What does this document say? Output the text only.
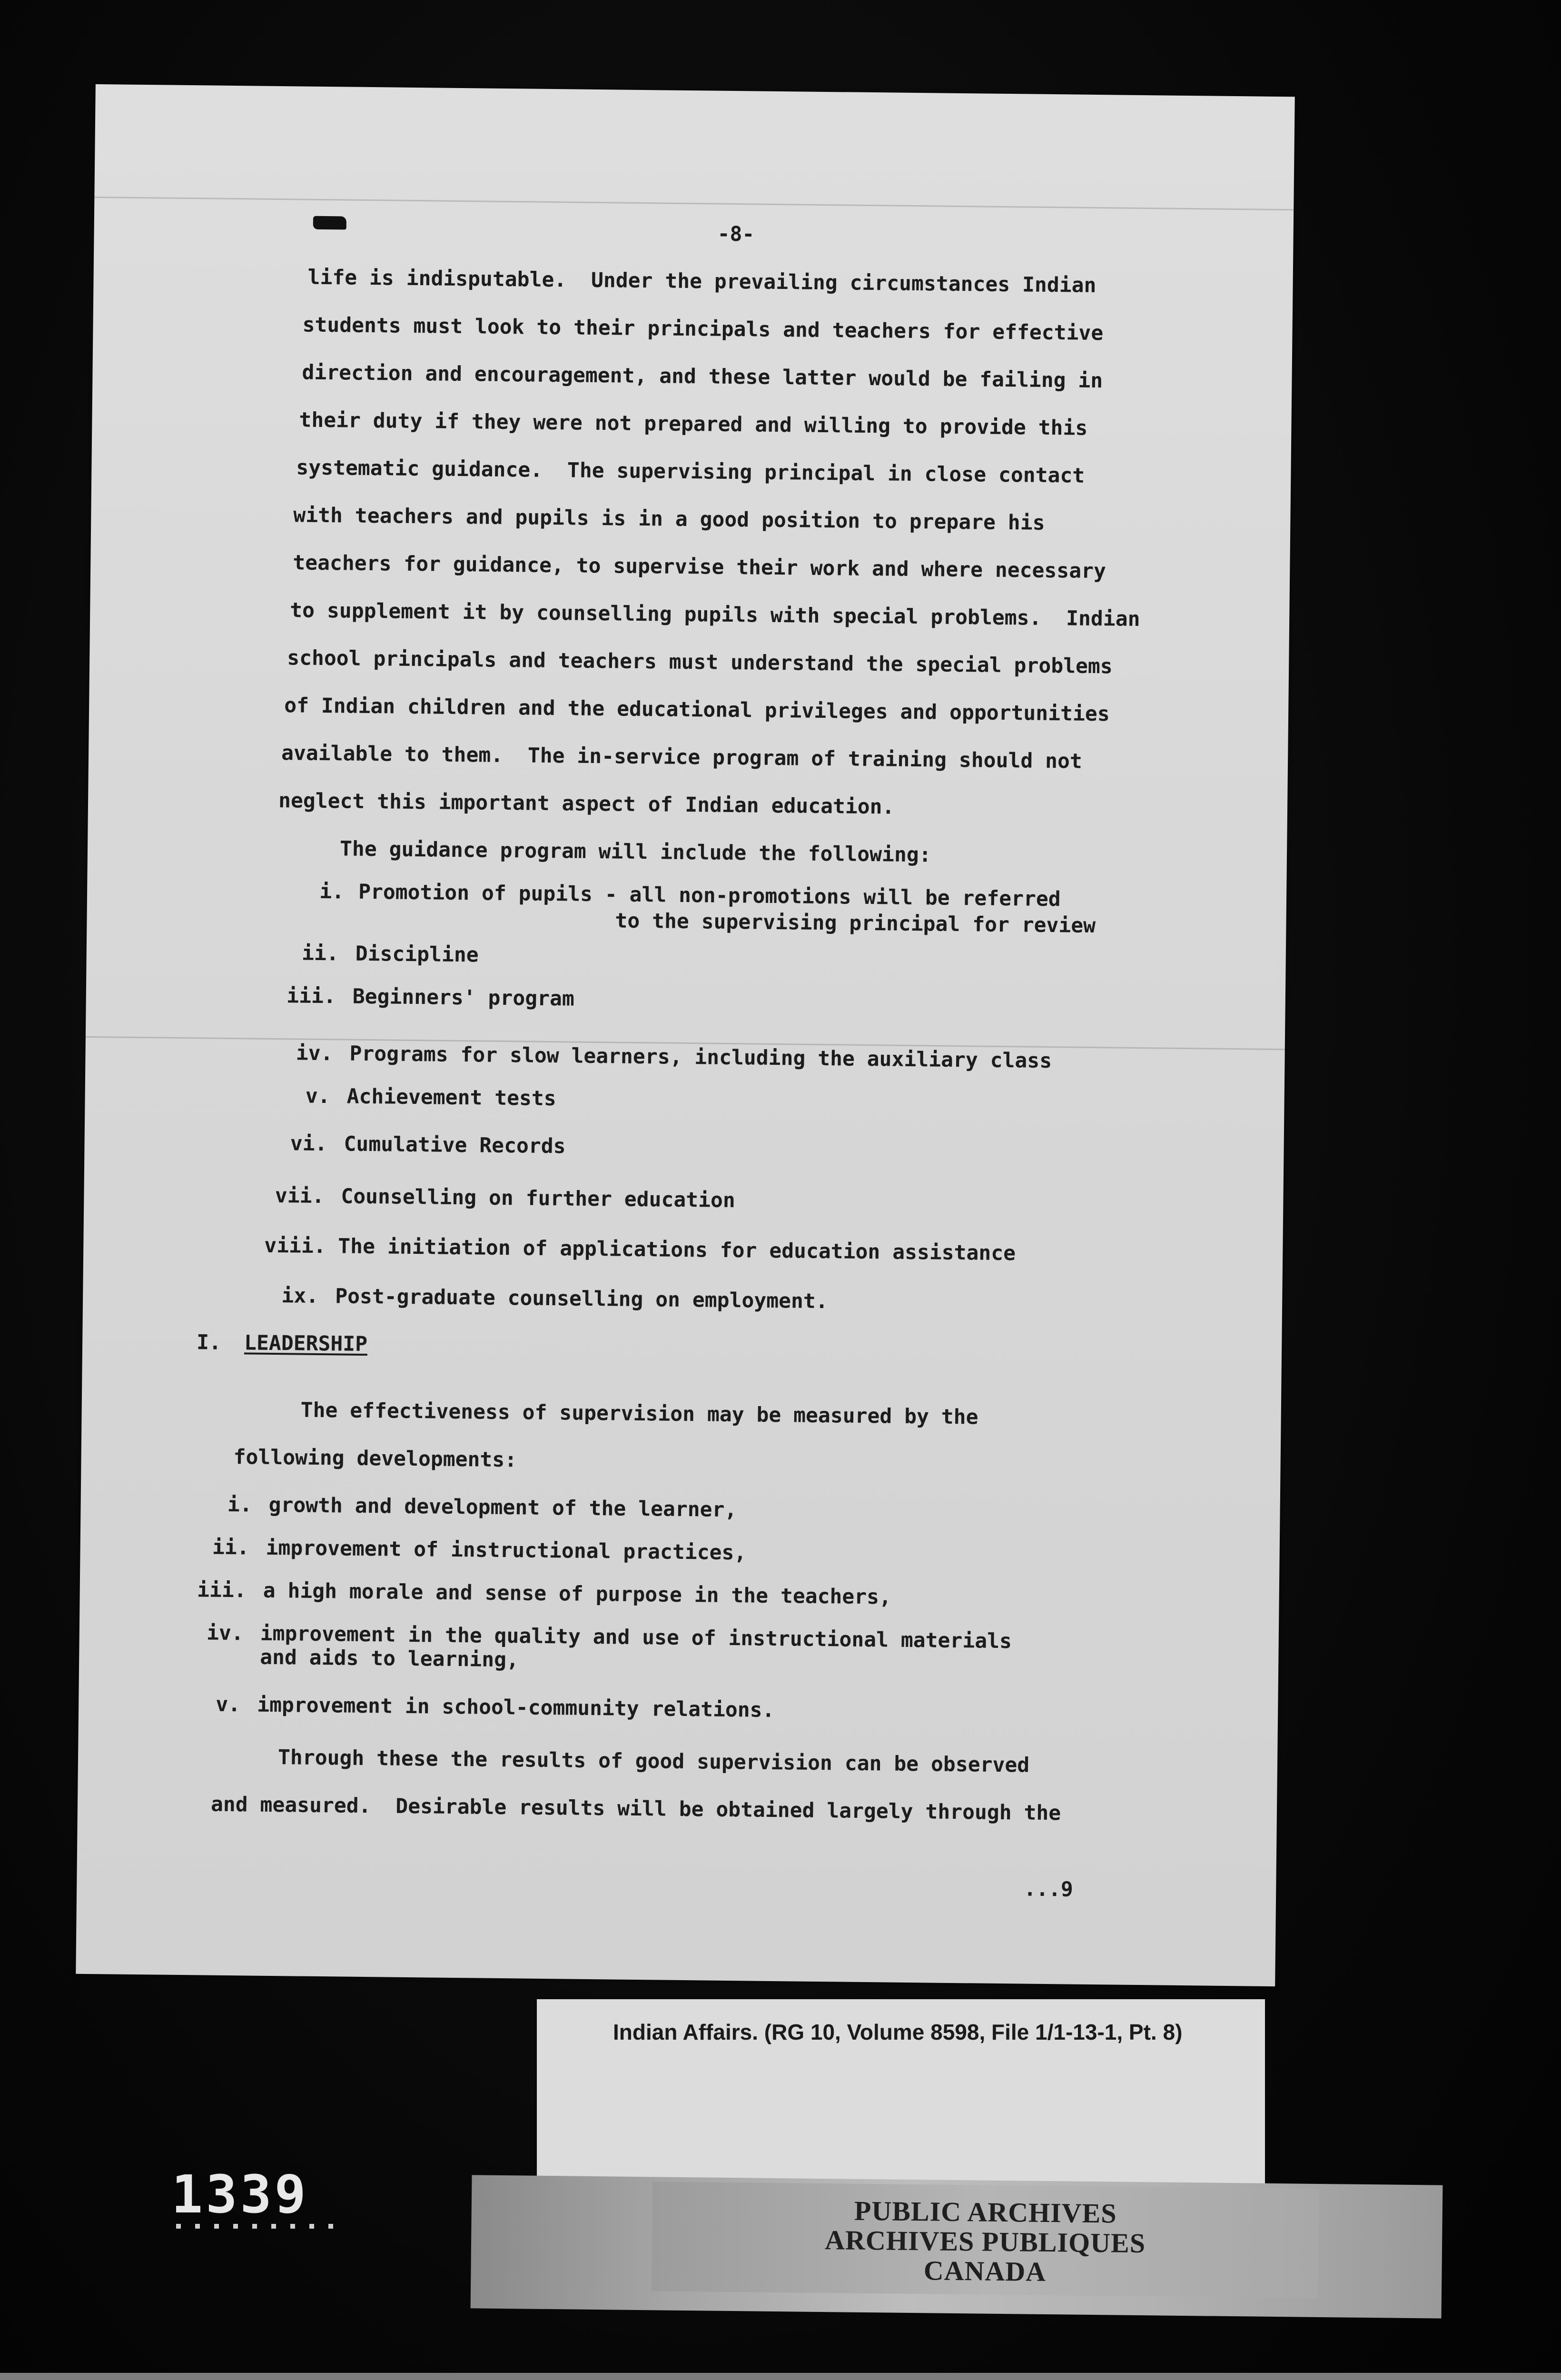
-8-
life is indisputable.  Under the prevailing circumstances Indian
students must look to their principals and teachers for effective
direction and encouragement, and these latter would be failing in
their duty if they were not prepared and willing to provide this
systematic guidance.  The supervising principal in close contact
with teachers and pupils is in a good position to prepare his
teachers for guidance, to supervise their work and where necessary
to supplement it by counselling pupils with special problems.  Indian
school principals and teachers must understand the special problems
of Indian children and the educational privileges and opportunities
available to them.  The in-service program of training should not
neglect this important aspect of Indian education.
The guidance program will include the following:
i. Promotion of pupils - all non-promotions will be referred
to the supervising principal for review
ii. Discipline
iii. Beginners' program
iv. Programs for slow learners, including the auxiliary class
v. Achievement tests
vi. Cumulative Records
vii. Counselling on further education
viii. The initiation of applications for education assistance
ix. Post-graduate counselling on employment.
I. LEADERSHIP
The effectiveness of supervision may be measured by the
following developments:
i. growth and development of the learner,
ii. improvement of instructional practices,
iii. a high morale and sense of purpose in the teachers,
iv. improvement in the quality and use of instructional materials
and aids to learning,
v. improvement in school-community relations.
Through these the results of good supervision can be observed
and measured.  Desirable results will be obtained largely through the
...9
Indian Affairs. (RG 10, Volume 8598, File 1/1-13-1, Pt. 8)
PUBLIC ARCHIVES
ARCHIVES PUBLIQUES
CANADA
1339
